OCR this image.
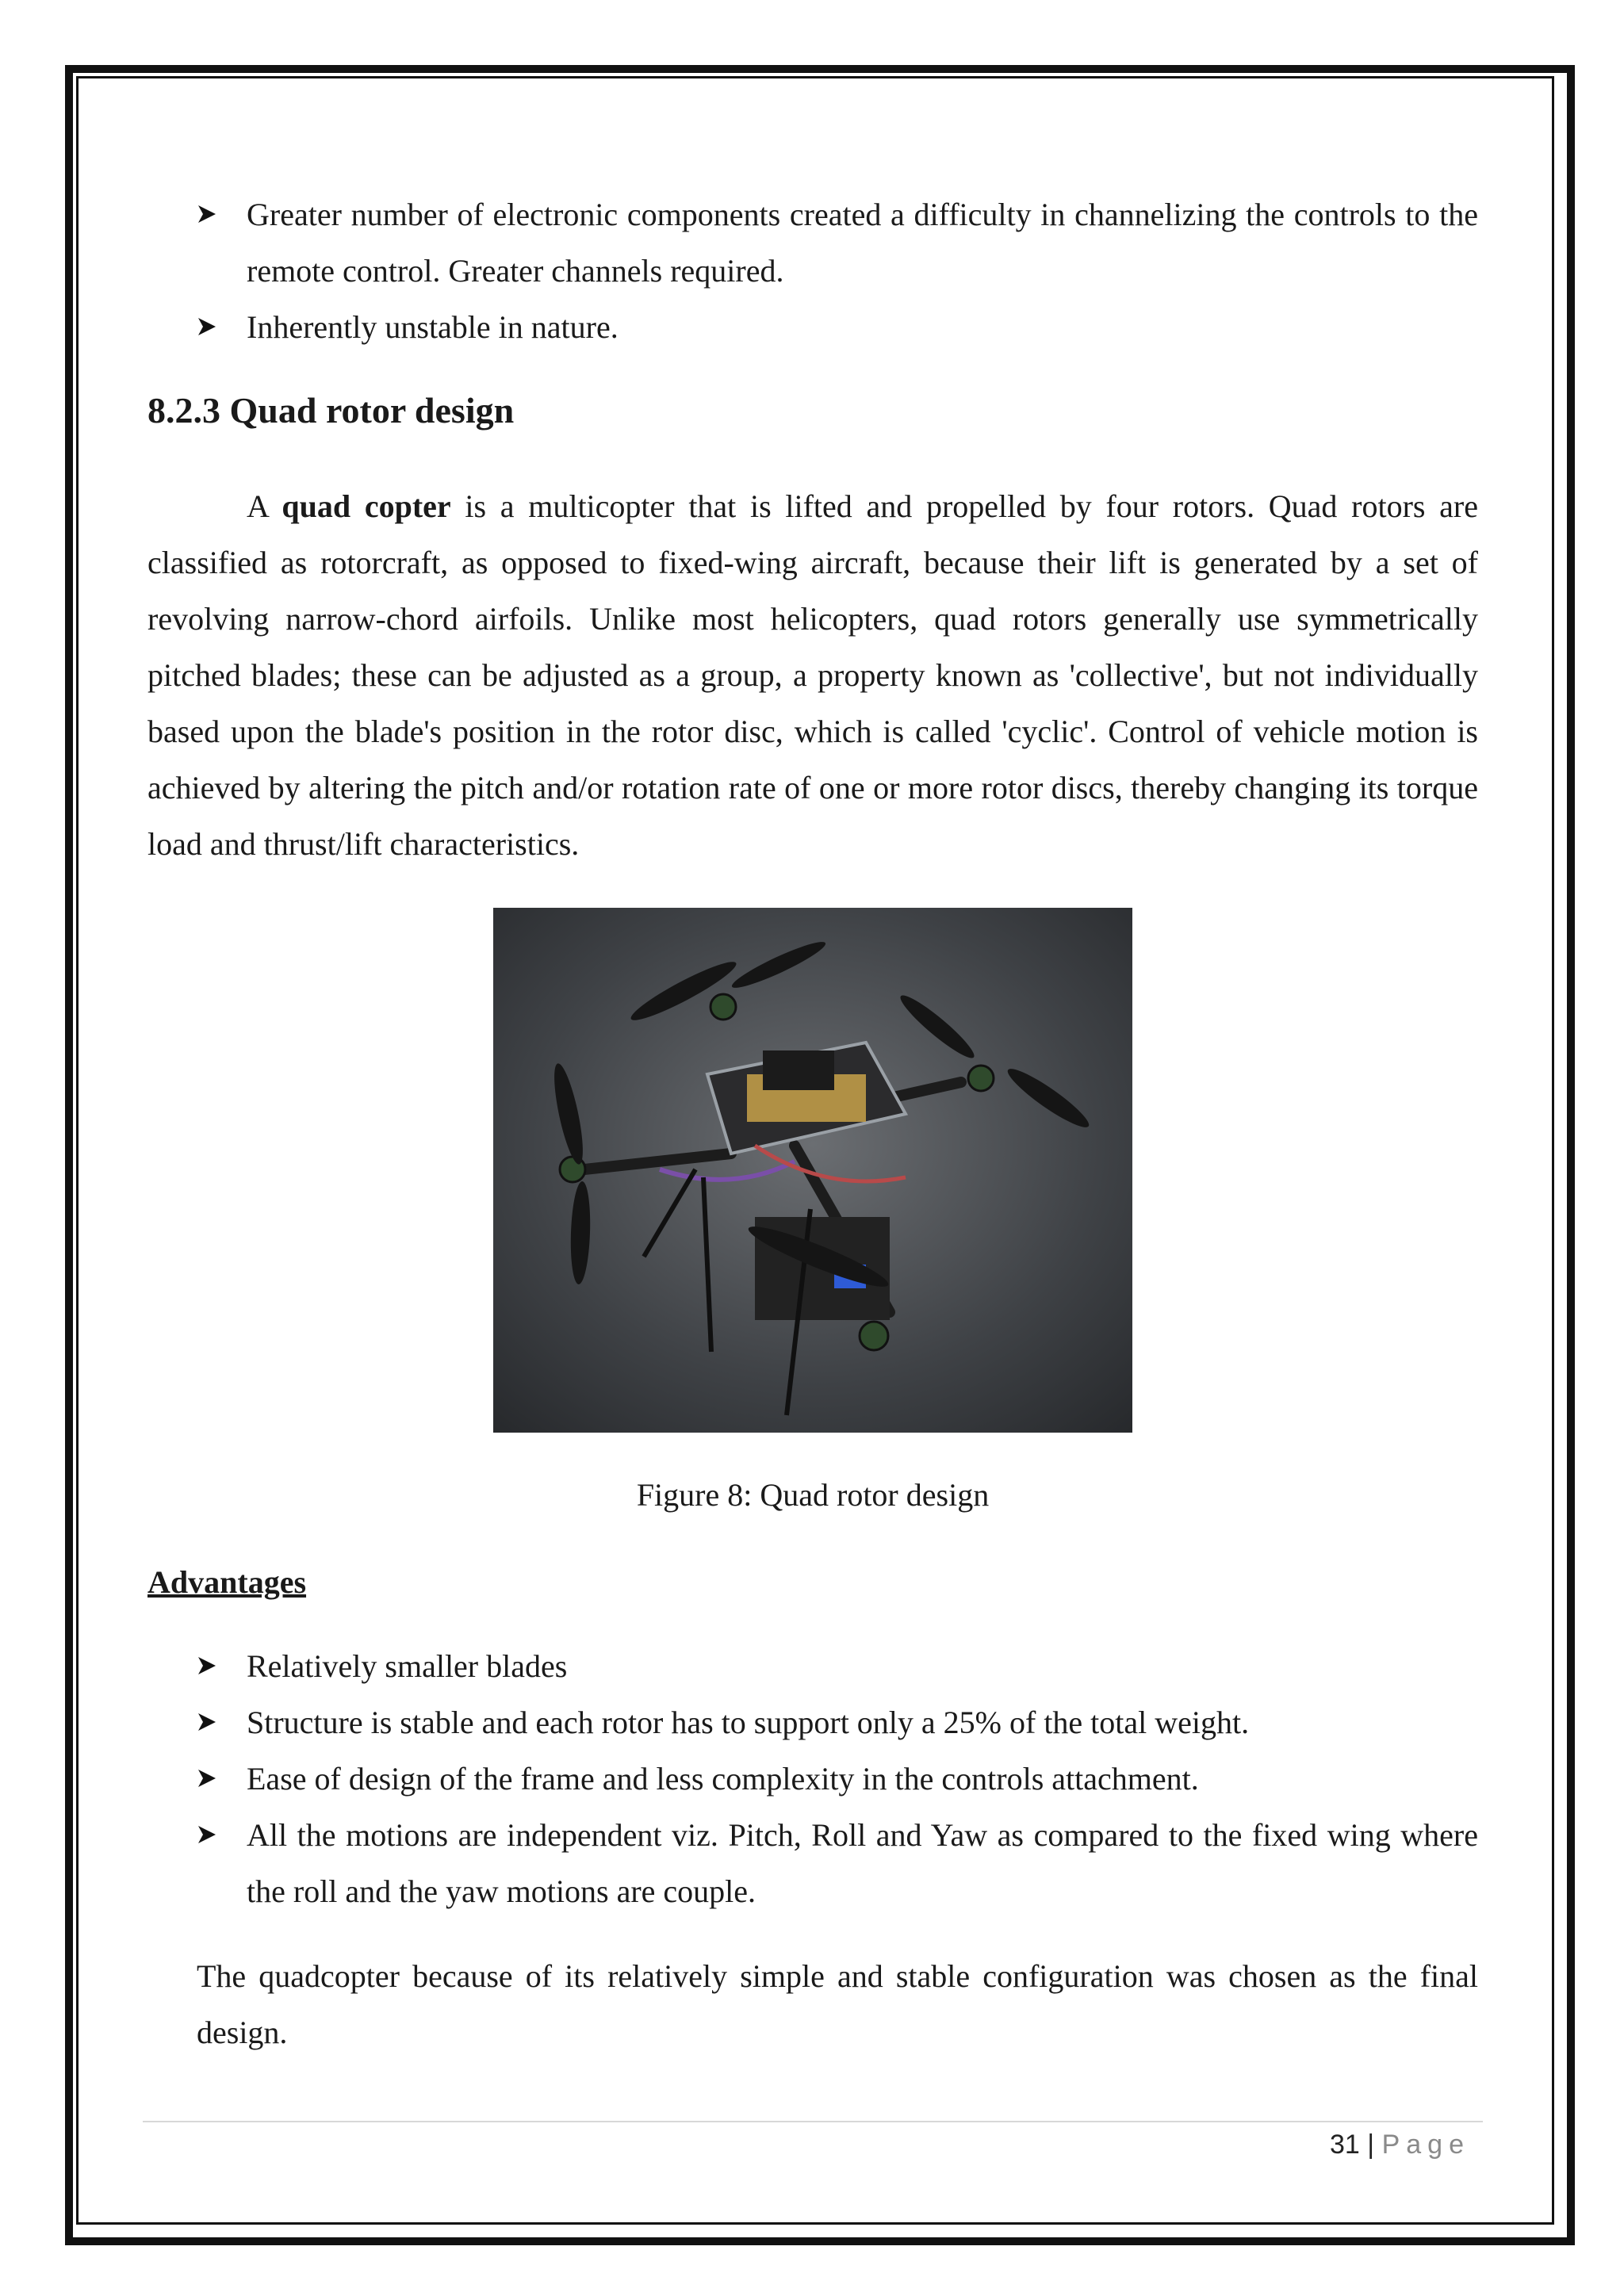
Greater number of electronic components created a difficulty in channelizing the controls to the remote control. Greater channels required.
Inherently unstable in nature.
8.2.3 Quad rotor design

A quad copter is a multicopter that is lifted and propelled by four rotors. Quad rotors are classified as rotorcraft, as opposed to fixed-wing aircraft, because their lift is generated by a set of revolving narrow-chord airfoils. Unlike most helicopters, quad rotors generally use symmetrically pitched blades; these can be adjusted as a group, a property known as 'collective', but not individually based upon the blade's position in the rotor disc, which is called 'cyclic'. Control of vehicle motion is achieved by altering the pitch and/or rotation rate of one or more rotor discs, thereby changing its torque load and thrust/lift characteristics.

Figure 8: Quad rotor design

Advantages
Relatively smaller blades
Structure is stable and each rotor has to support only a 25% of the total weight.
Ease of design of the frame and less complexity in the controls attachment.
All the motions are independent viz. Pitch, Roll and Yaw as compared to the fixed wing where the roll and the yaw motions are couple.

The quadcopter because of its relatively simple and stable configuration was chosen as the final design.

31 | Page
